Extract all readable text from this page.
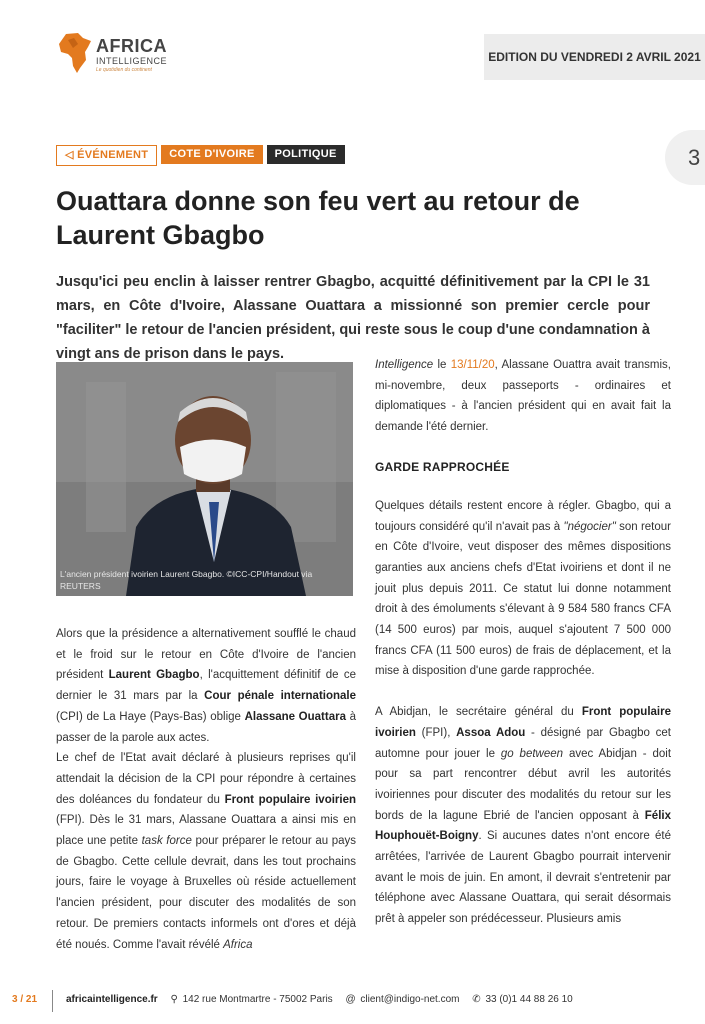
AFRICA
INTELLIGENCE
Le quotidien du continent
EDITION DU VENDREDI 2 AVRIL 2021
3
◁ ÉVÉNEMENT	COTE D'IVOIRE	POLITIQUE
Ouattara donne son feu vert au retour de Laurent Gbagbo

Jusqu'ici peu enclin à laisser rentrer Gbagbo, acquitté définitivement par la CPI le 31 mars, en Côte d'Ivoire, Alassane Ouattara a missionné son premier cercle pour "faciliter" le retour de l'ancien président, qui reste sous le coup d'une condamnation à vingt ans de prison dans le pays.

L'ancien président ivoirien Laurent Gbagbo. ©ICC-CPI/Handout via REUTERS

Alors que la présidence a alternativement soufflé le chaud et le froid sur le retour en Côte d'Ivoire de l'ancien président Laurent Gbagbo, l'acquittement définitif de ce dernier le 31 mars par la Cour pénale internationale (CPI) de La Haye (Pays-Bas) oblige Alassane Ouattara à passer de la parole aux actes.

Le chef de l'Etat avait déclaré à plusieurs reprises qu'il attendait la décision de la CPI pour répondre à certaines des doléances du fondateur du Front populaire ivoirien (FPI). Dès le 31 mars, Alassane Ouattara a ainsi mis en place une petite task force pour préparer le retour au pays de Gbagbo. Cette cellule devrait, dans les tout prochains jours, faire le voyage à Bruxelles où réside actuellement l'ancien président, pour discuter des modalités de son retour. De premiers contacts informels ont d'ores et déjà été noués. Comme l'avait révélé Africa

Intelligence le 13/11/20, Alassane Ouattra avait transmis, mi-novembre, deux passeports - ordinaires et diplomatiques - à l'ancien président qui en avait fait la demande l'été dernier.

GARDE RAPPROCHÉE

Quelques détails restent encore à régler. Gbagbo, qui a toujours considéré qu'il n'avait pas à "négocier" son retour en Côte d'Ivoire, veut disposer des mêmes dispositions garanties aux anciens chefs d'Etat ivoiriens et dont il ne jouit plus depuis 2011. Ce statut lui donne notamment droit à des émoluments s'élevant à 9 584 580 francs CFA (14 500 euros) par mois, auquel s'ajoutent 7 500 000 francs CFA (11 500 euros) de frais de déplacement, et la mise à disposition d'une garde rapprochée.

A Abidjan, le secrétaire général du Front populaire ivoirien (FPI), Assoa Adou - désigné par Gbagbo cet automne pour jouer le go between avec Abidjan - doit pour sa part rencontrer début avril les autorités ivoiriennes pour discuter des modalités du retour sur les bords de la lagune Ebrié de l'ancien opposant à Félix Houphouët-Boigny. Si aucunes dates n'ont encore été arrêtées, l'arrivée de Laurent Gbagbo pourrait intervenir avant le mois de juin. En amont, il devrait s'entretenir par téléphone avec Alassane Ouattara, qui serait désormais prêt à appeler son prédécesseur. Plusieurs amis

3 / 21	africaintelligence.fr ⚲ 142 rue Montmartre - 75002 Paris @ client@indigo-net.com ✆ 33 (0)1 44 88 26 10
